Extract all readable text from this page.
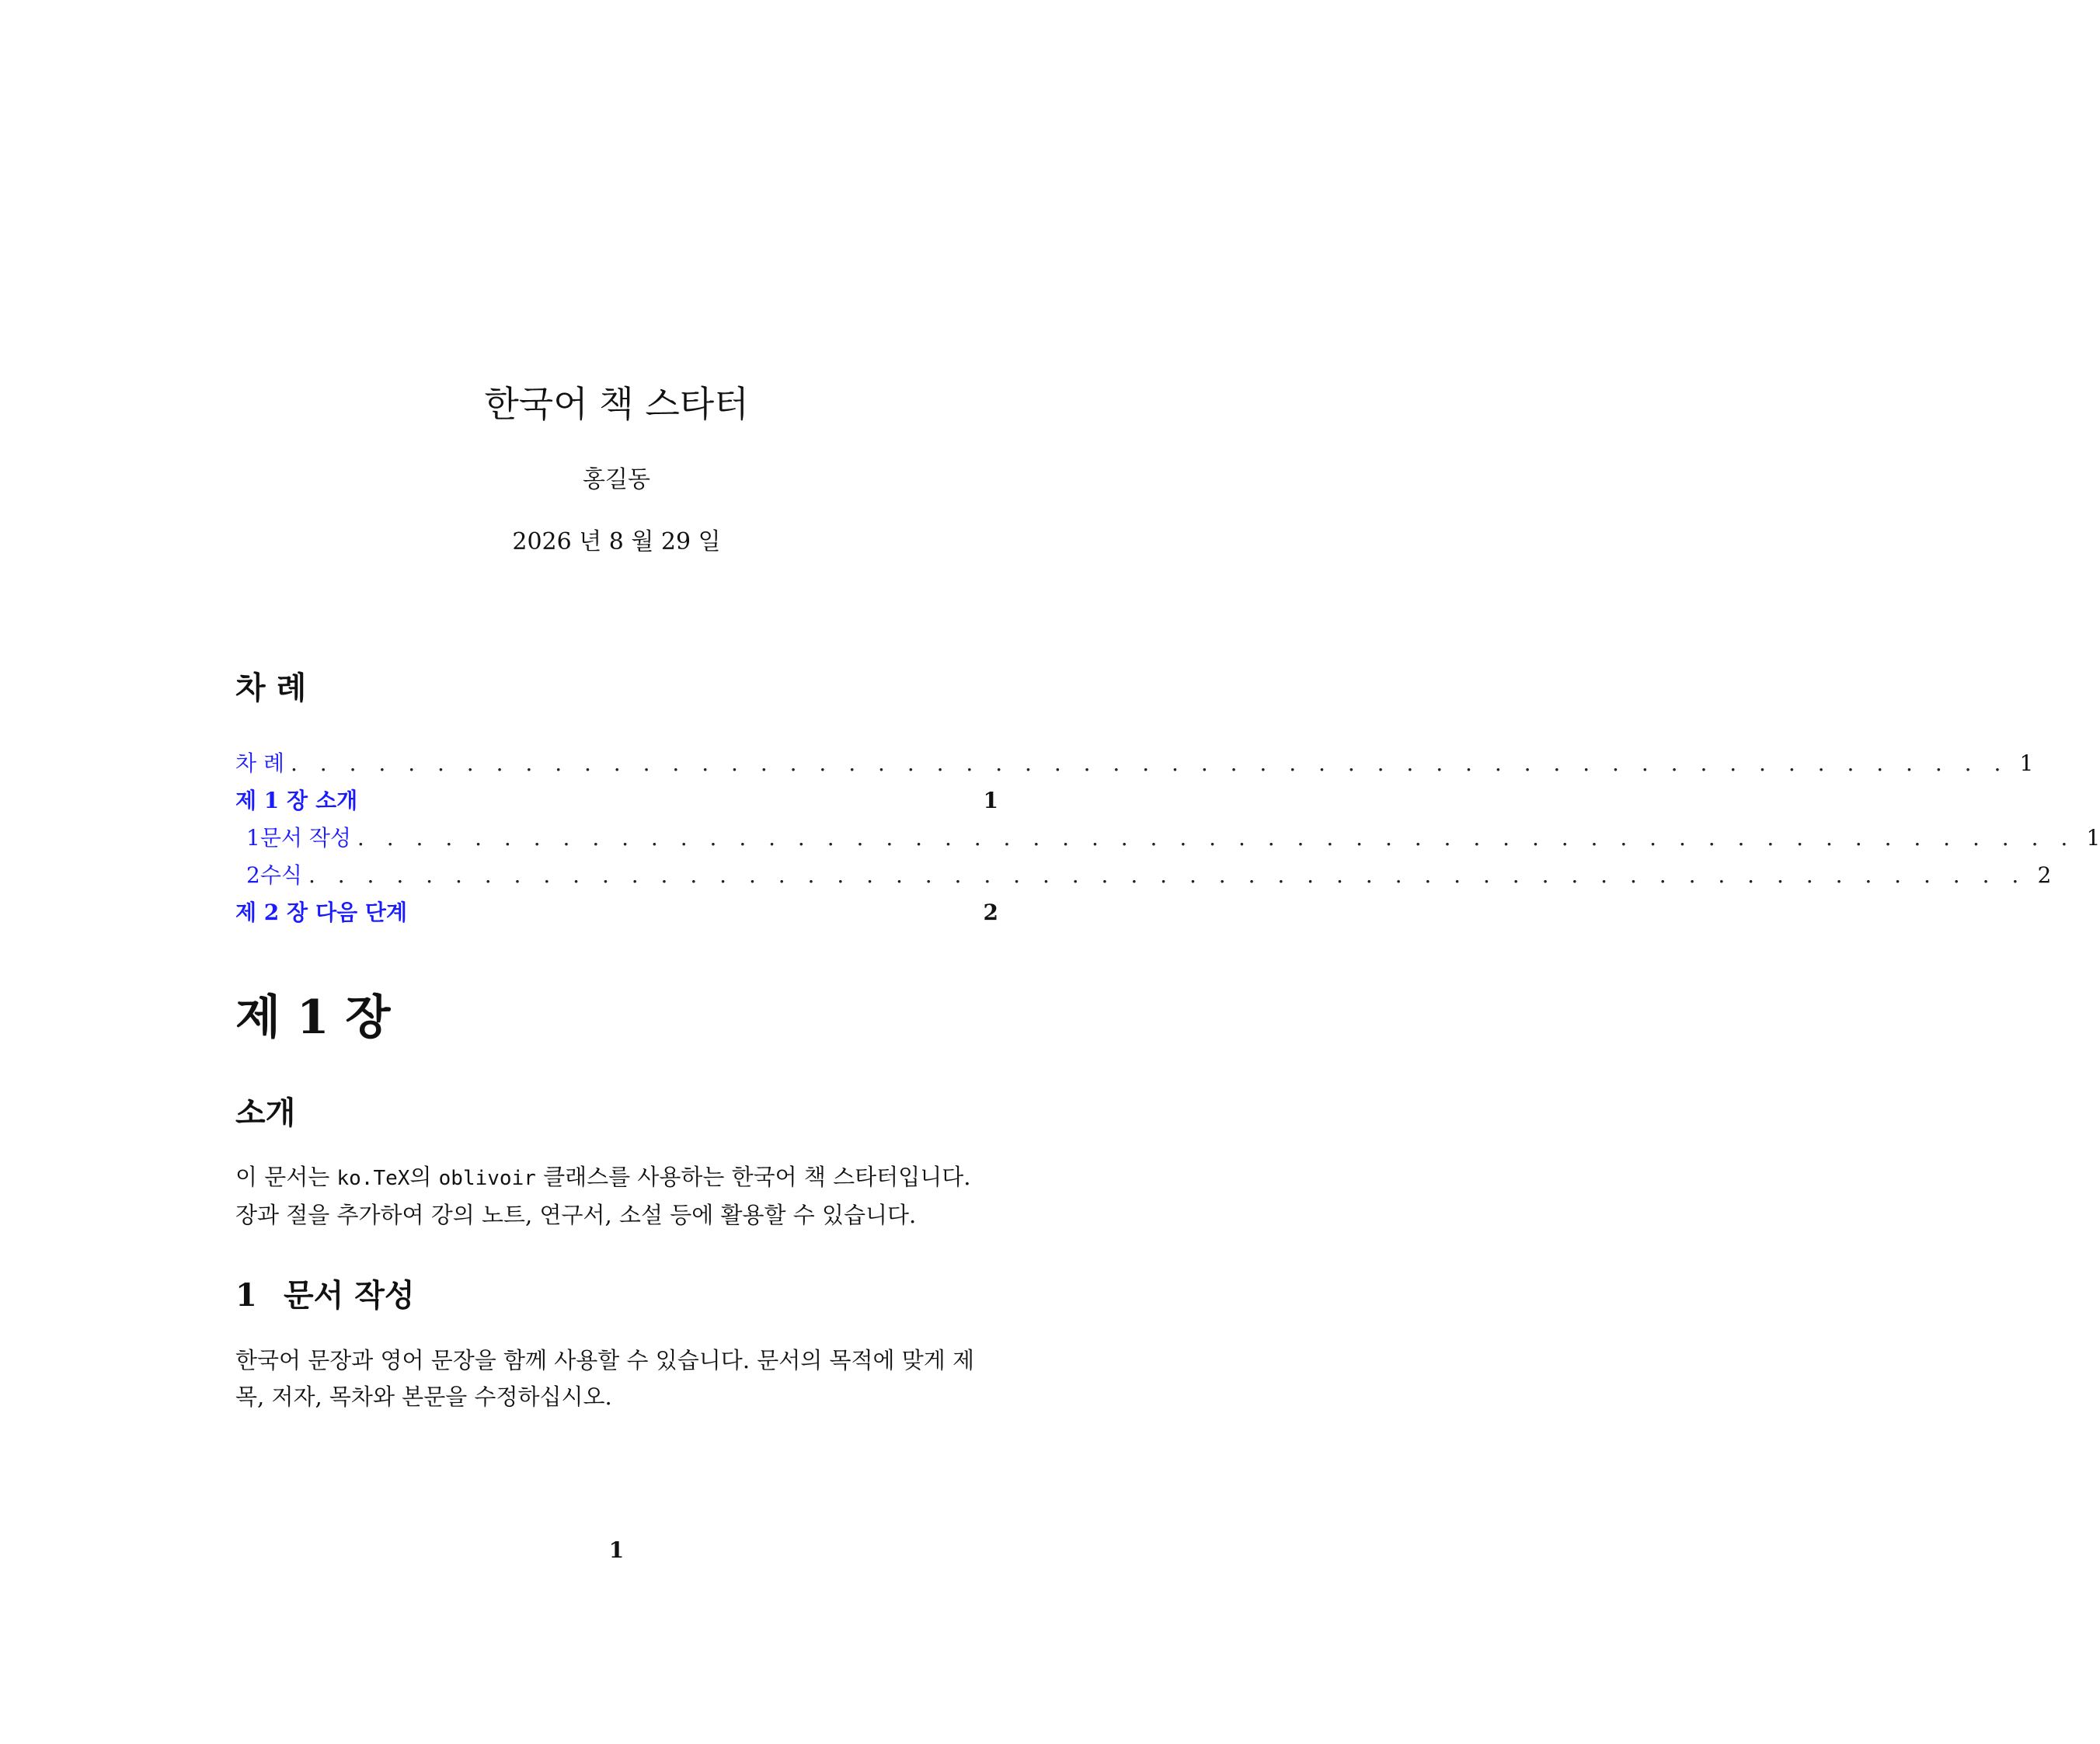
한국어 책 스타터
홍길동
2026 년 8 월 29 일
차 례
차 례 . . . . . . . . . . . . . . . . . . . . . . . . . . . . . . . . . . . . . . . . . . . . . . . . . . . . . . . . . . . 1
제 1 장 소개	1
1 문서 작성 . . . . . . . . . . . . . . . . . . . . . . . . . . . . . . . . . . . . . . . . . . . . . . . . . . . . . . . . . . . 1
2 수식 . . . . . . . . . . . . . . . . . . . . . . . . . . . . . . . . . . . . . . . . . . . . . . . . . . . . . . . . . . . 2
제 2 장 다음 단계	2
제 1 장
소개
이 문서는 ko.TeX의 oblivoir 클래스를 사용하는 한국어 책 스타터입니다. 장과 절을 추가하여 강의 노트, 연구서, 소설 등에 활용할 수 있습니다.
1 문서 작성
한국어 문장과 영어 문장을 함께 사용할 수 있습니다. 문서의 목적에 맞게 제목, 저자, 목차와 본문을 수정하십시오.
1
